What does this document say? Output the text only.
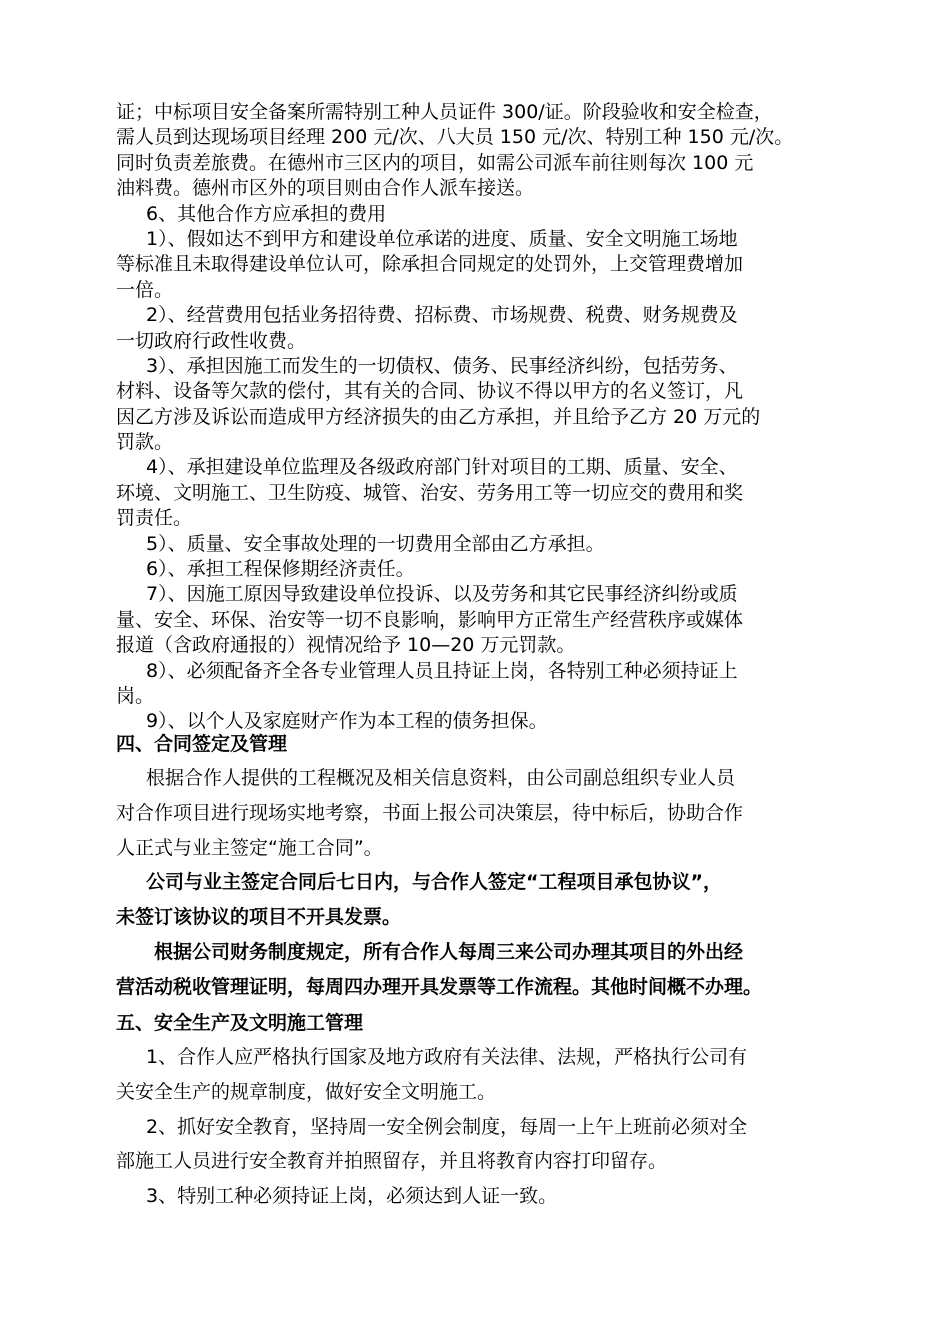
证；中标项目安全备案所需特别工种人员证件 300/证。阶段验收和安全检查，
需人员到达现场项目经理 200 元/次、八大员 150 元/次、特别工种 150 元/次。
同时负责差旅费。在德州市三区内的项目，如需公司派车前往则每次 100 元
油料费。德州市区外的项目则由合作人派车接送。
6、其他合作方应承担的费用
1）、假如达不到甲方和建设单位承诺的进度、质量、安全文明施工场地
等标准且未取得建设单位认可，除承担合同规定的处罚外，上交管理费增加
一倍。
2）、经营费用包括业务招待费、招标费、市场规费、税费、财务规费及
一切政府行政性收费。
3）、承担因施工而发生的一切债权、债务、民事经济纠纷，包括劳务、
材料、设备等欠款的偿付，其有关的合同、协议不得以甲方的名义签订，凡
因乙方涉及诉讼而造成甲方经济损失的由乙方承担，并且给予乙方 20 万元的
罚款。
4）、承担建设单位监理及各级政府部门针对项目的工期、质量、安全、
环境、文明施工、卫生防疫、城管、治安、劳务用工等一切应交的费用和奖
罚责任。
5）、质量、安全事故处理的一切费用全部由乙方承担。
6）、承担工程保修期经济责任。
7）、因施工原因导致建设单位投诉、以及劳务和其它民事经济纠纷或质
量、安全、环保、治安等一切不良影响，影响甲方正常生产经营秩序或媒体
报道（含政府通报的）视情况给予 10—20 万元罚款。
8）、必须配备齐全各专业管理人员且持证上岗，各特别工种必须持证上
岗。
9）、以个人及家庭财产作为本工程的债务担保。
四、合同签定及管理
根据合作人提供的工程概况及相关信息资料，由公司副总组织专业人员
对合作项目进行现场实地考察，书面上报公司决策层，待中标后，协助合作
人正式与业主签定“施工合同”。
公司与业主签定合同后七日内，与合作人签定“工程项目承包协议”，
未签订该协议的项目不开具发票。
根据公司财务制度规定，所有合作人每周三来公司办理其项目的外出经
营活动税收管理证明，每周四办理开具发票等工作流程。其他时间概不办理。
五、安全生产及文明施工管理
1、合作人应严格执行国家及地方政府有关法律、法规，严格执行公司有
关安全生产的规章制度，做好安全文明施工。
2、抓好安全教育，坚持周一安全例会制度，每周一上午上班前必须对全
部施工人员进行安全教育并拍照留存，并且将教育内容打印留存。
3、特别工种必须持证上岗，必须达到人证一致。
